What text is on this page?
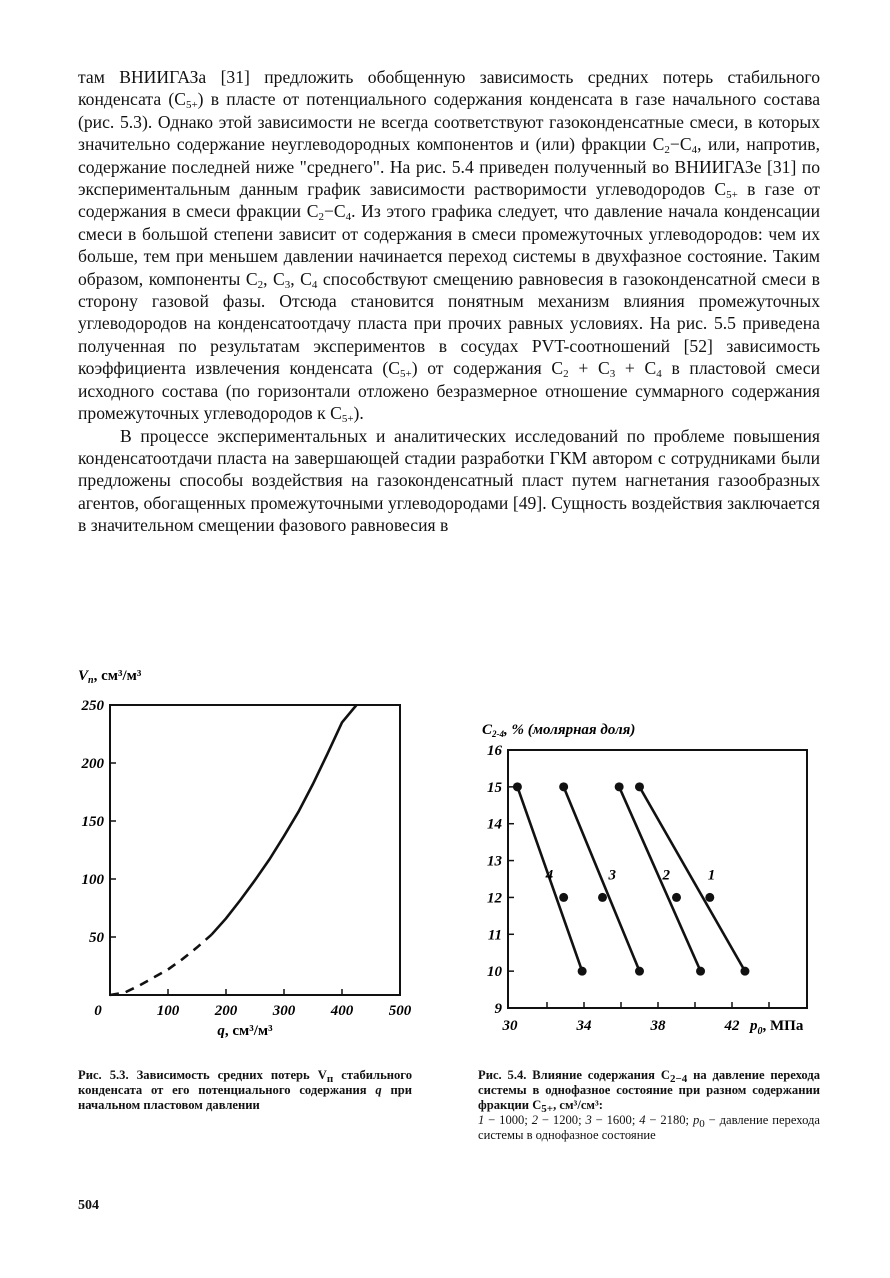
там ВНИИГАЗа [31] предложить обобщенную зависимость средних потерь стабильного конденсата $(C_{5+})$ в пласте от потенциального содержания конденсата в газе начального состава (рис. 5.3). Однако этой зависимости не всегда соответствуют газоконденсатные смеси, в которых значительно содержание неуглеводородных компонентов и (или) фракции $C_2-C_4$, или, напротив, содержание последней ниже "среднего". На рис. 5.4 приведен полученный во ВНИИГАЗе [31] по экспериментальным данным график зависимости растворимости углеводородов $C_{5+}$ в газе от содержания в смеси фракции $C_2-C_4$. Из этого графика следует, что давление начала конденсации смеси в большой степени зависит от содержания в смеси промежуточных углеводородов: чем их больше, тем при меньшем давлении начинается переход системы в двухфазное состояние. Таким образом, компоненты $C_2$, $C_3$, $C_4$ способствуют смещению равновесия в газоконденсатной смеси в сторону газовой фазы. Отсюда становится понятным механизм влияния промежуточных углеводородов на конденсатоотдачу пласта при прочих равных условиях. На рис. 5.5 приведена полученная по результатам экспериментов в сосудах PVT-соотношений [52] зависимость коэффициента извлечения конденсата $(C_{5+})$ от содержания $C_2 + C_3 + C_4$ в пластовой смеси исходного состава (по горизонтали отложено безразмерное отношение суммарного содержания промежуточных углеводородов к $C_{5+}$).

В процессе экспериментальных и аналитических исследований по проблеме повышения конденсатоотдачи пласта на завершающей стадии разработки ГКМ автором с сотрудниками были предложены способы воздействия на газоконденсатный пласт путем нагнетания газообразных агентов, обогащенных промежуточными углеводородами [49]. Сущность воздействия заключается в значительном смещении фазового равновесия в

250
200
150
100
50
0	100 200 300 400 500
$V_п$, см³/м³
q, см³/м³
Рис. 5.3. Зависимость средних потерь $V_п$ стабильного конденсата от его потенциального содержания q при начальном пластовом давлении
1
2
3
4
16
15
14
13
12
11
10
9
30	34	38	42
$C_{2-4}$, % (молярная доля)
$p_0$, МПа
Рис. 5.4. Влияние содержания $C_{2-4}$ на давление перехода системы в однофазное состояние при разном содержании фракции $C_{5+}$, см³/см³:
1 − 1000; 2 − 1200; 3 − 1600; 4 − 2180; $p_0$ − давление перехода системы в однофазное состояние
504
